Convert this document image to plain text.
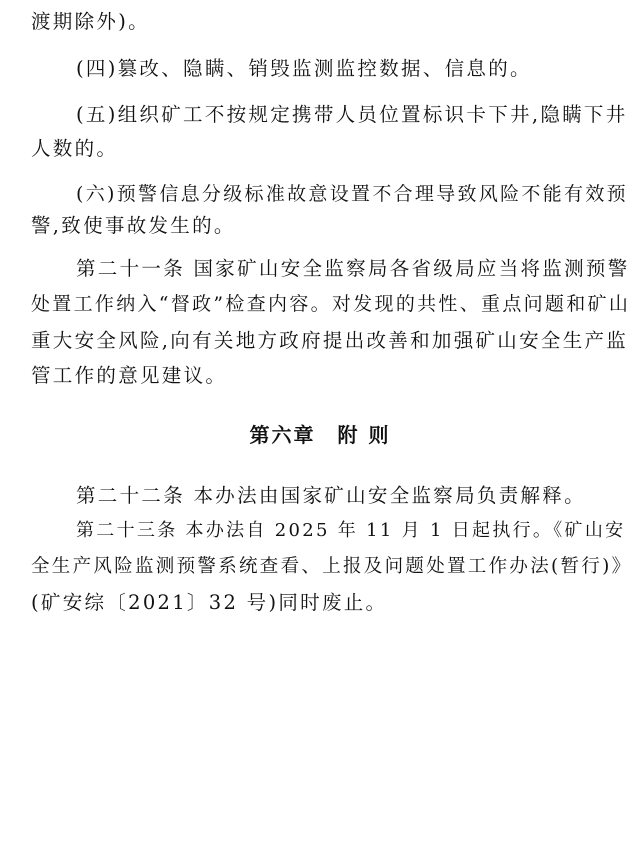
渡期除外)。
(四)篡改、隐瞒、销毁监测监控数据、信息的。
(五)组织矿工不按规定携带人员位置标识卡下井,隐瞒下井
人数的。
(六)预警信息分级标准故意设置不合理导致风险不能有效预
警,致使事故发生的。
第二十一条 国家矿山安全监察局各省级局应当将监测预警
处置工作纳入“督政”检查内容。对发现的共性、重点问题和矿山
重大安全风险,向有关地方政府提出改善和加强矿山安全生产监
管工作的意见建议。
第六章 附 则
第二十二条 本办法由国家矿山安全监察局负责解释。
第二十三条 本办法自 2025 年 11 月 1 日起执行。《矿山安
全生产风险监测预警系统查看、上报及问题处置工作办法(暂行)》
(矿安综〔2021〕32 号)同时废止。
